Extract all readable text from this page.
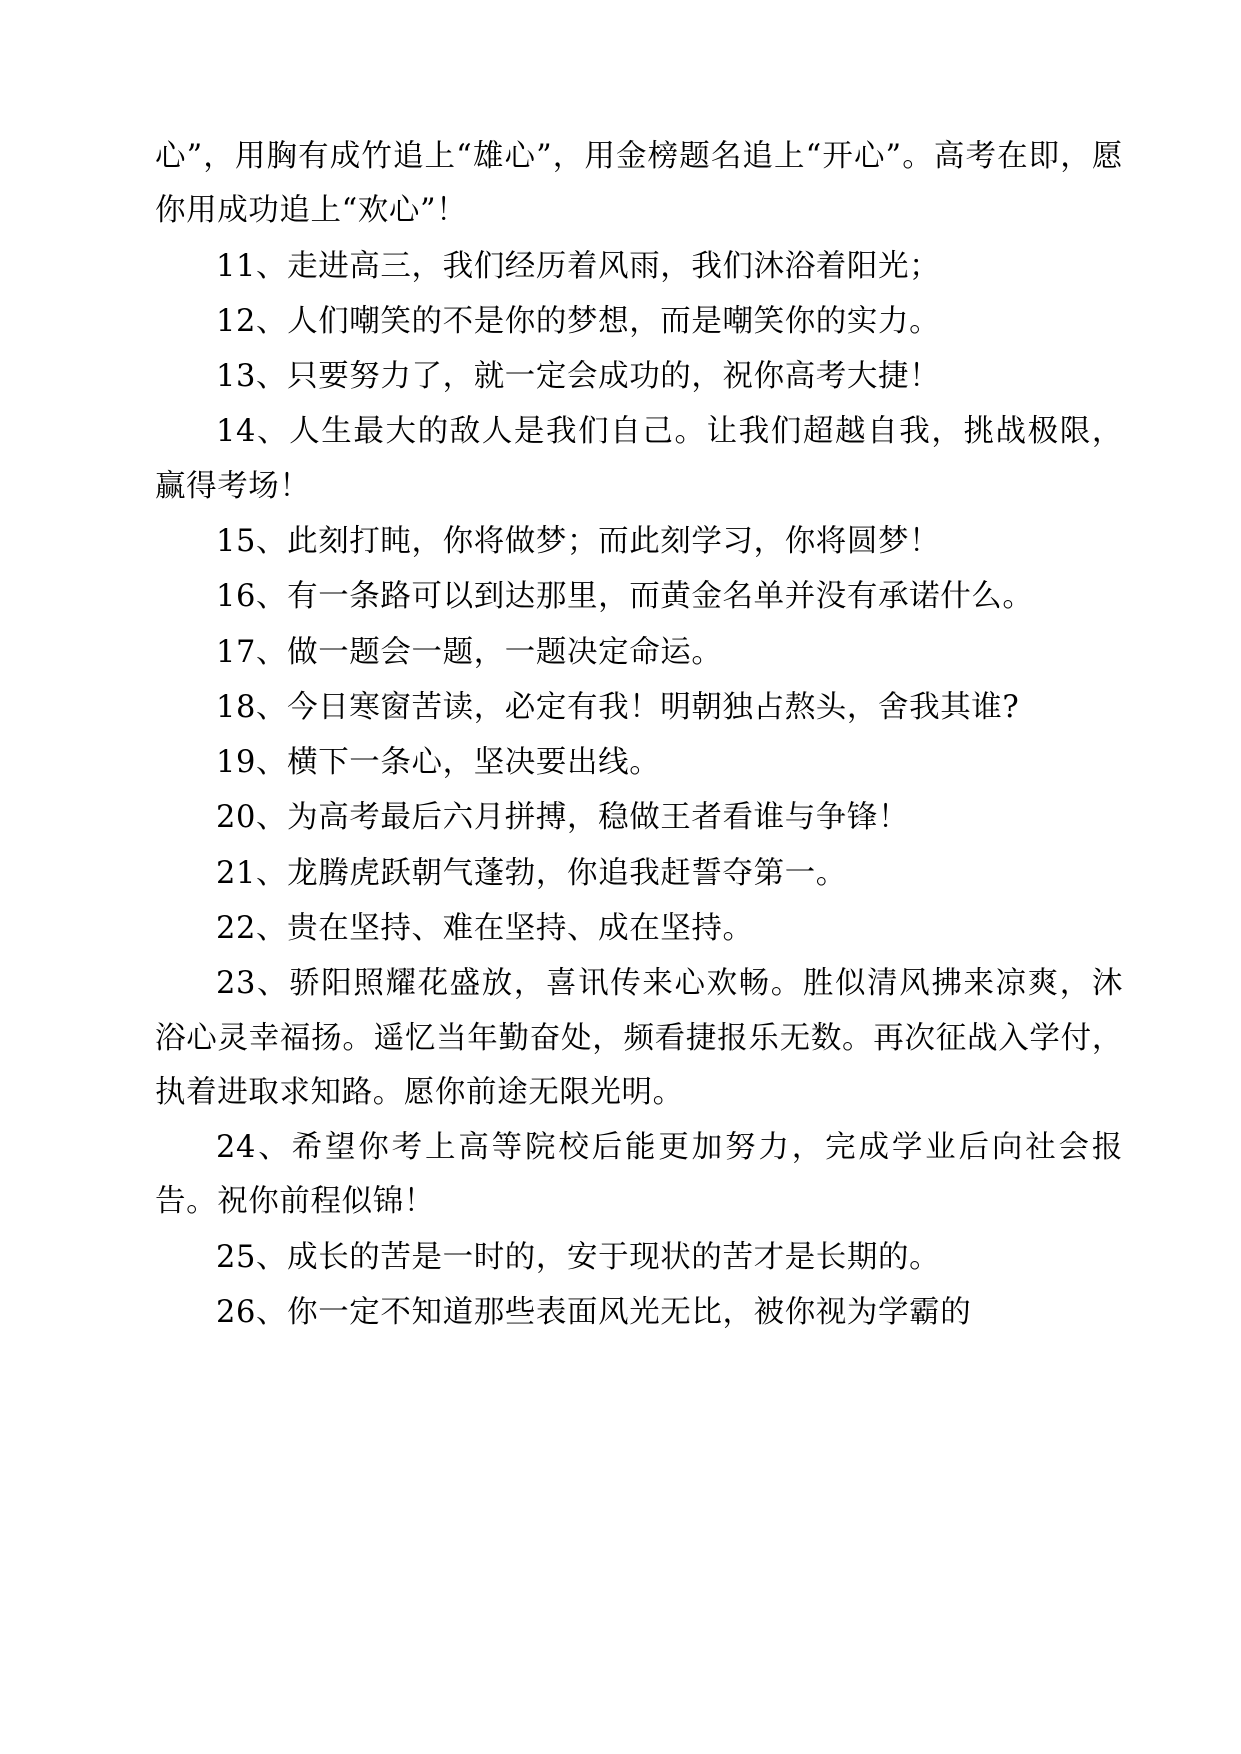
心”，用胸有成竹追上“雄心”，用金榜题名追上“开心”。高考在即，愿你用成功追上“欢心”！

11、走进高三，我们经历着风雨，我们沐浴着阳光；

12、人们嘲笑的不是你的梦想，而是嘲笑你的实力。

13、只要努力了，就一定会成功的，祝你高考大捷！

14、人生最大的敌人是我们自己。让我们超越自我，挑战极限，赢得考场！

15、此刻打盹，你将做梦；而此刻学习，你将圆梦！

16、有一条路可以到达那里，而黄金名单并没有承诺什么。

17、做一题会一题，一题决定命运。

18、今日寒窗苦读，必定有我！明朝独占熬头，舍我其谁?

19、横下一条心，坚决要出线。

20、为高考最后六月拼搏，稳做王者看谁与争锋！

21、龙腾虎跃朝气蓬勃，你追我赶誓夺第一。

22、贵在坚持、难在坚持、成在坚持。

23、骄阳照耀花盛放，喜讯传来心欢畅。胜似清风拂来凉爽，沐浴心灵幸福扬。遥忆当年勤奋处，频看捷报乐无数。再次征战入学付，执着进取求知路。愿你前途无限光明。

24、希望你考上高等院校后能更加努力，完成学业后向社会报告。祝你前程似锦！

25、成长的苦是一时的，安于现状的苦才是长期的。

26、你一定不知道那些表面风光无比，被你视为学霸的
